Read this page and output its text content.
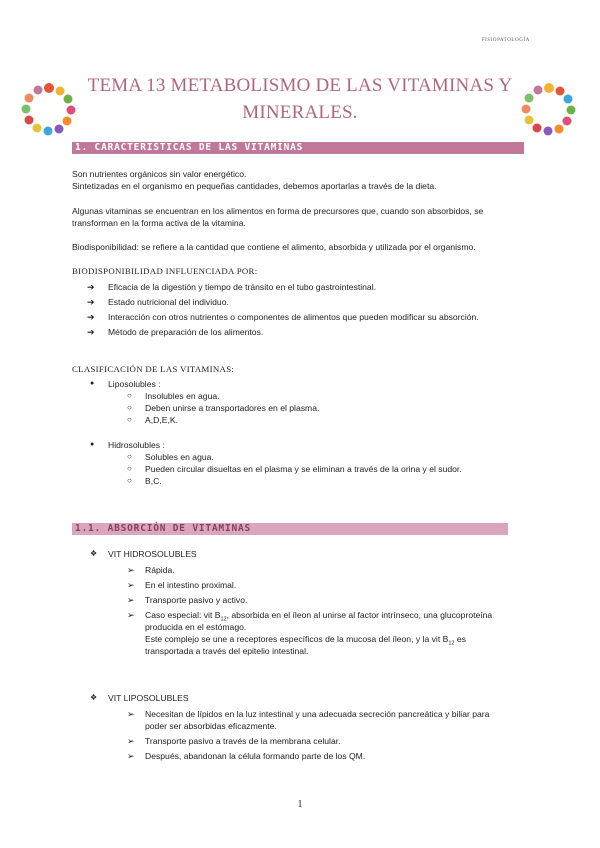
FISIOPATOLOGÍA
TEMA 13 METABOLISMO DE LAS VITAMINAS Y
MINERALES.
1. CARACTERÍSTICAS DE LAS VITAMINAS
Son nutrientes orgánicos sin valor energético.
Sintetizadas en el organismo en pequeñas cantidades, debemos aportarlas a través de la dieta.
Algunas vitaminas se encuentran en los alimentos en forma de precursores que, cuando son absorbidos, se
transforman en la forma activa de la vitamina.
Biodisponibilidad: se refiere a la cantidad que contiene el alimento, absorbida y utilizada por el organismo.
BIODISPONIBILIDAD INFLUENCIADA POR:
➔ Eficacia de la digestión y tiempo de tránsito en el tubo gastrointestinal.
➔ Estado nutricional del individuo.
➔ Interacción con otros nutrientes o componentes de alimentos que pueden modificar su absorción.
➔ Método de preparación de los alimentos.
CLASIFICACIÓN DE LAS VITAMINAS:
● Liposolubles :
○ Insolubles en agua.
○ Deben unirse a transportadores en el plasma.
○ A,D,E,K.
● Hidrosolubles :
○ Solubles en agua.
○ Pueden circular disueltas en el plasma y se eliminan a través de la orina y el sudor.
○ B,C.
1.1. ABSORCIÓN DE VITAMINAS
❖ VIT HIDROSOLUBLES
➢ Rápida.
➢ En el intestino proximal.
➢ Transporte pasivo y activo.
➢ Caso especial: vit $B_{12}$, absorbida en el íleon al unirse al factor intrínseco, una glucoproteína
producida en el estómago.
Este complejo se une a receptores específicos de la mucosa del íleon, y la vit $B_{12}$ es
transportada a través del epitelio intestinal.
❖ VIT LIPOSOLUBLES
➢ Necesitan de lípidos en la luz intestinal y una adecuada secreción pancreática y biliar para
poder ser absorbidas eficazmente.
➢ Transporte pasivo a través de la membrana celular.
➢ Después, abandonan la célula formando parte de los QM.
1
